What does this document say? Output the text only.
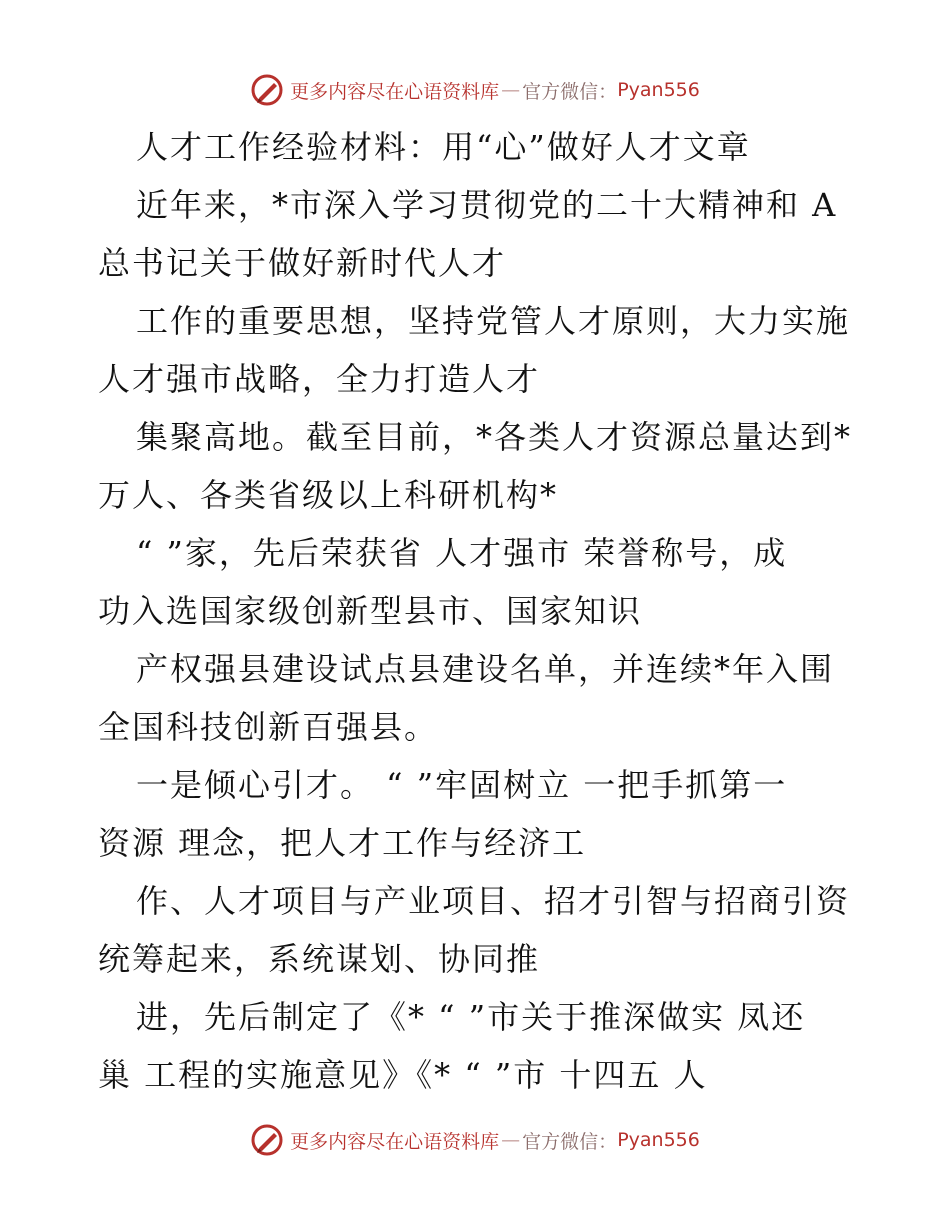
更多内容尽在心语资料库 — 官方微信： Pyan556
人才工作经验材料：用“心”做好人才文章
近年来，*市深入学习贯彻党的二十大精神和 A
总书记关于做好新时代人才
工作的重要思想，坚持党管人才原则，大力实施
人才强市战略，全力打造人才
集聚高地。截至目前，*各类人才资源总量达到*
万人、各类省级以上科研机构*
“ ”家，先后荣获省 人才强市 荣誉称号，成
功入选国家级创新型县市、国家知识
产权强县建设试点县建设名单，并连续*年入围
全国科技创新百强县。
一是倾心引才。 “ ”牢固树立 一把手抓第一
资源 理念，把人才工作与经济工
作、人才项目与产业项目、招才引智与招商引资
统筹起来，系统谋划、协同推
进，先后制定了《* “ ”市关于推深做实 凤还
巢 工程的实施意见》《* “ ”市 十四五 人
更多内容尽在心语资料库 — 官方微信： Pyan556
